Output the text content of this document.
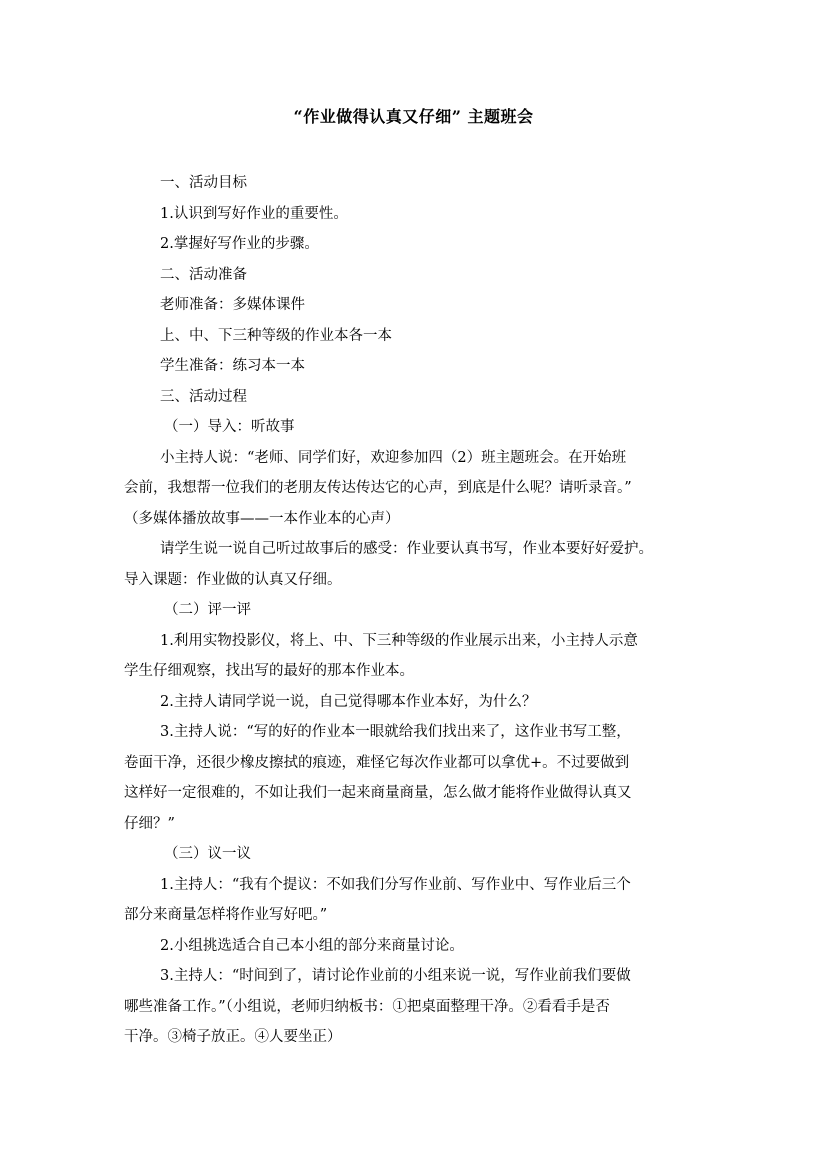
“作业做得认真又仔细” 主题班会

一、活动目标

1.认识到写好作业的重要性。

2.掌握好写作业的步骤。

二、活动准备

老师准备：多媒体课件

上、中、下三种等级的作业本各一本

学生准备：练习本一本

三、活动过程

（一）导入：听故事

小主持人说：“老师、同学们好，欢迎参加四（2）班主题班会。在开始班

会前，我想帮一位我们的老朋友传达传达它的心声，到底是什么呢？请听录音。”

（多媒体播放故事——一本作业本的心声）

请学生说一说自己听过故事后的感受：作业要认真书写，作业本要好好爱护。

导入课题：作业做的认真又仔细。

（二）评一评

1.利用实物投影仪，将上、中、下三种等级的作业展示出来，小主持人示意

学生仔细观察，找出写的最好的那本作业本。

2.主持人请同学说一说，自己觉得哪本作业本好，为什么？

3.主持人说：“写的好的作业本一眼就给我们找出来了，这作业书写工整，

卷面干净，还很少橡皮擦拭的痕迹，难怪它每次作业都可以拿优+。不过要做到

这样好一定很难的，不如让我们一起来商量商量，怎么做才能将作业做得认真又

仔细？”

（三）议一议

1.主持人：“我有个提议：不如我们分写作业前、写作业中、写作业后三个

部分来商量怎样将作业写好吧。”

2.小组挑选适合自己本小组的部分来商量讨论。

3.主持人：“时间到了，请讨论作业前的小组来说一说，写作业前我们要做

哪些准备工作。”（小组说，老师归纳板书：①把桌面整理干净。②看看手是否

干净。③椅子放正。④人要坐正）
